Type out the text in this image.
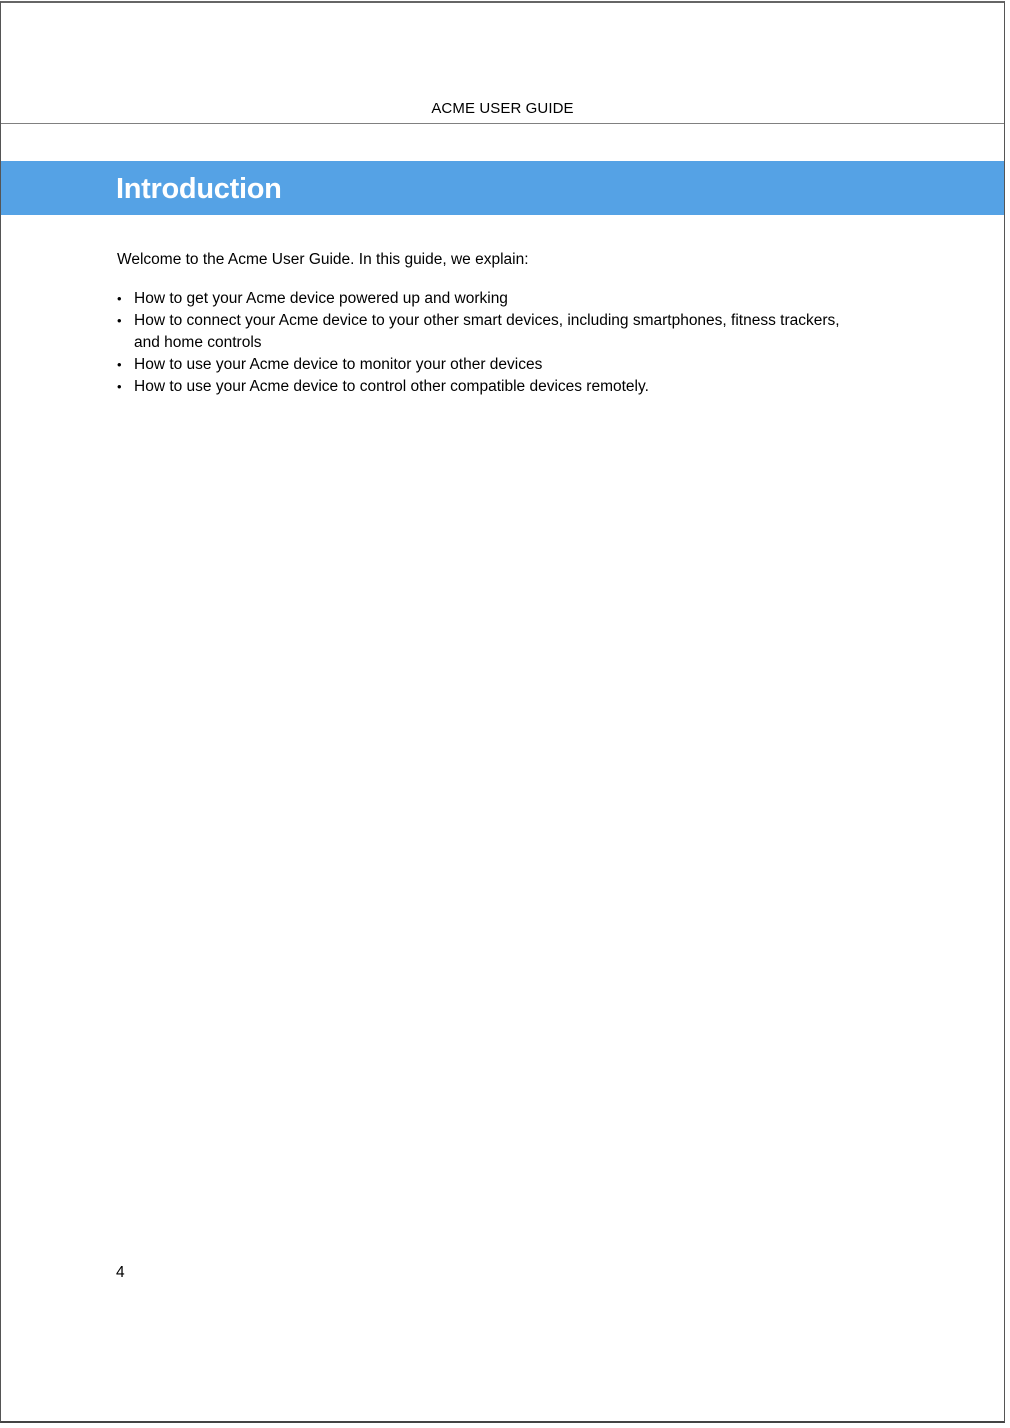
ACME USER GUIDE
Introduction

Welcome to the Acme User Guide. In this guide, we explain:

• How to get your Acme device powered up and working
• How to connect your Acme device to your other smart devices, including smartphones, fitness trackers, and home controls
• How to use your Acme device to monitor your other devices
• How to use your Acme device to control other compatible devices remotely.
4
